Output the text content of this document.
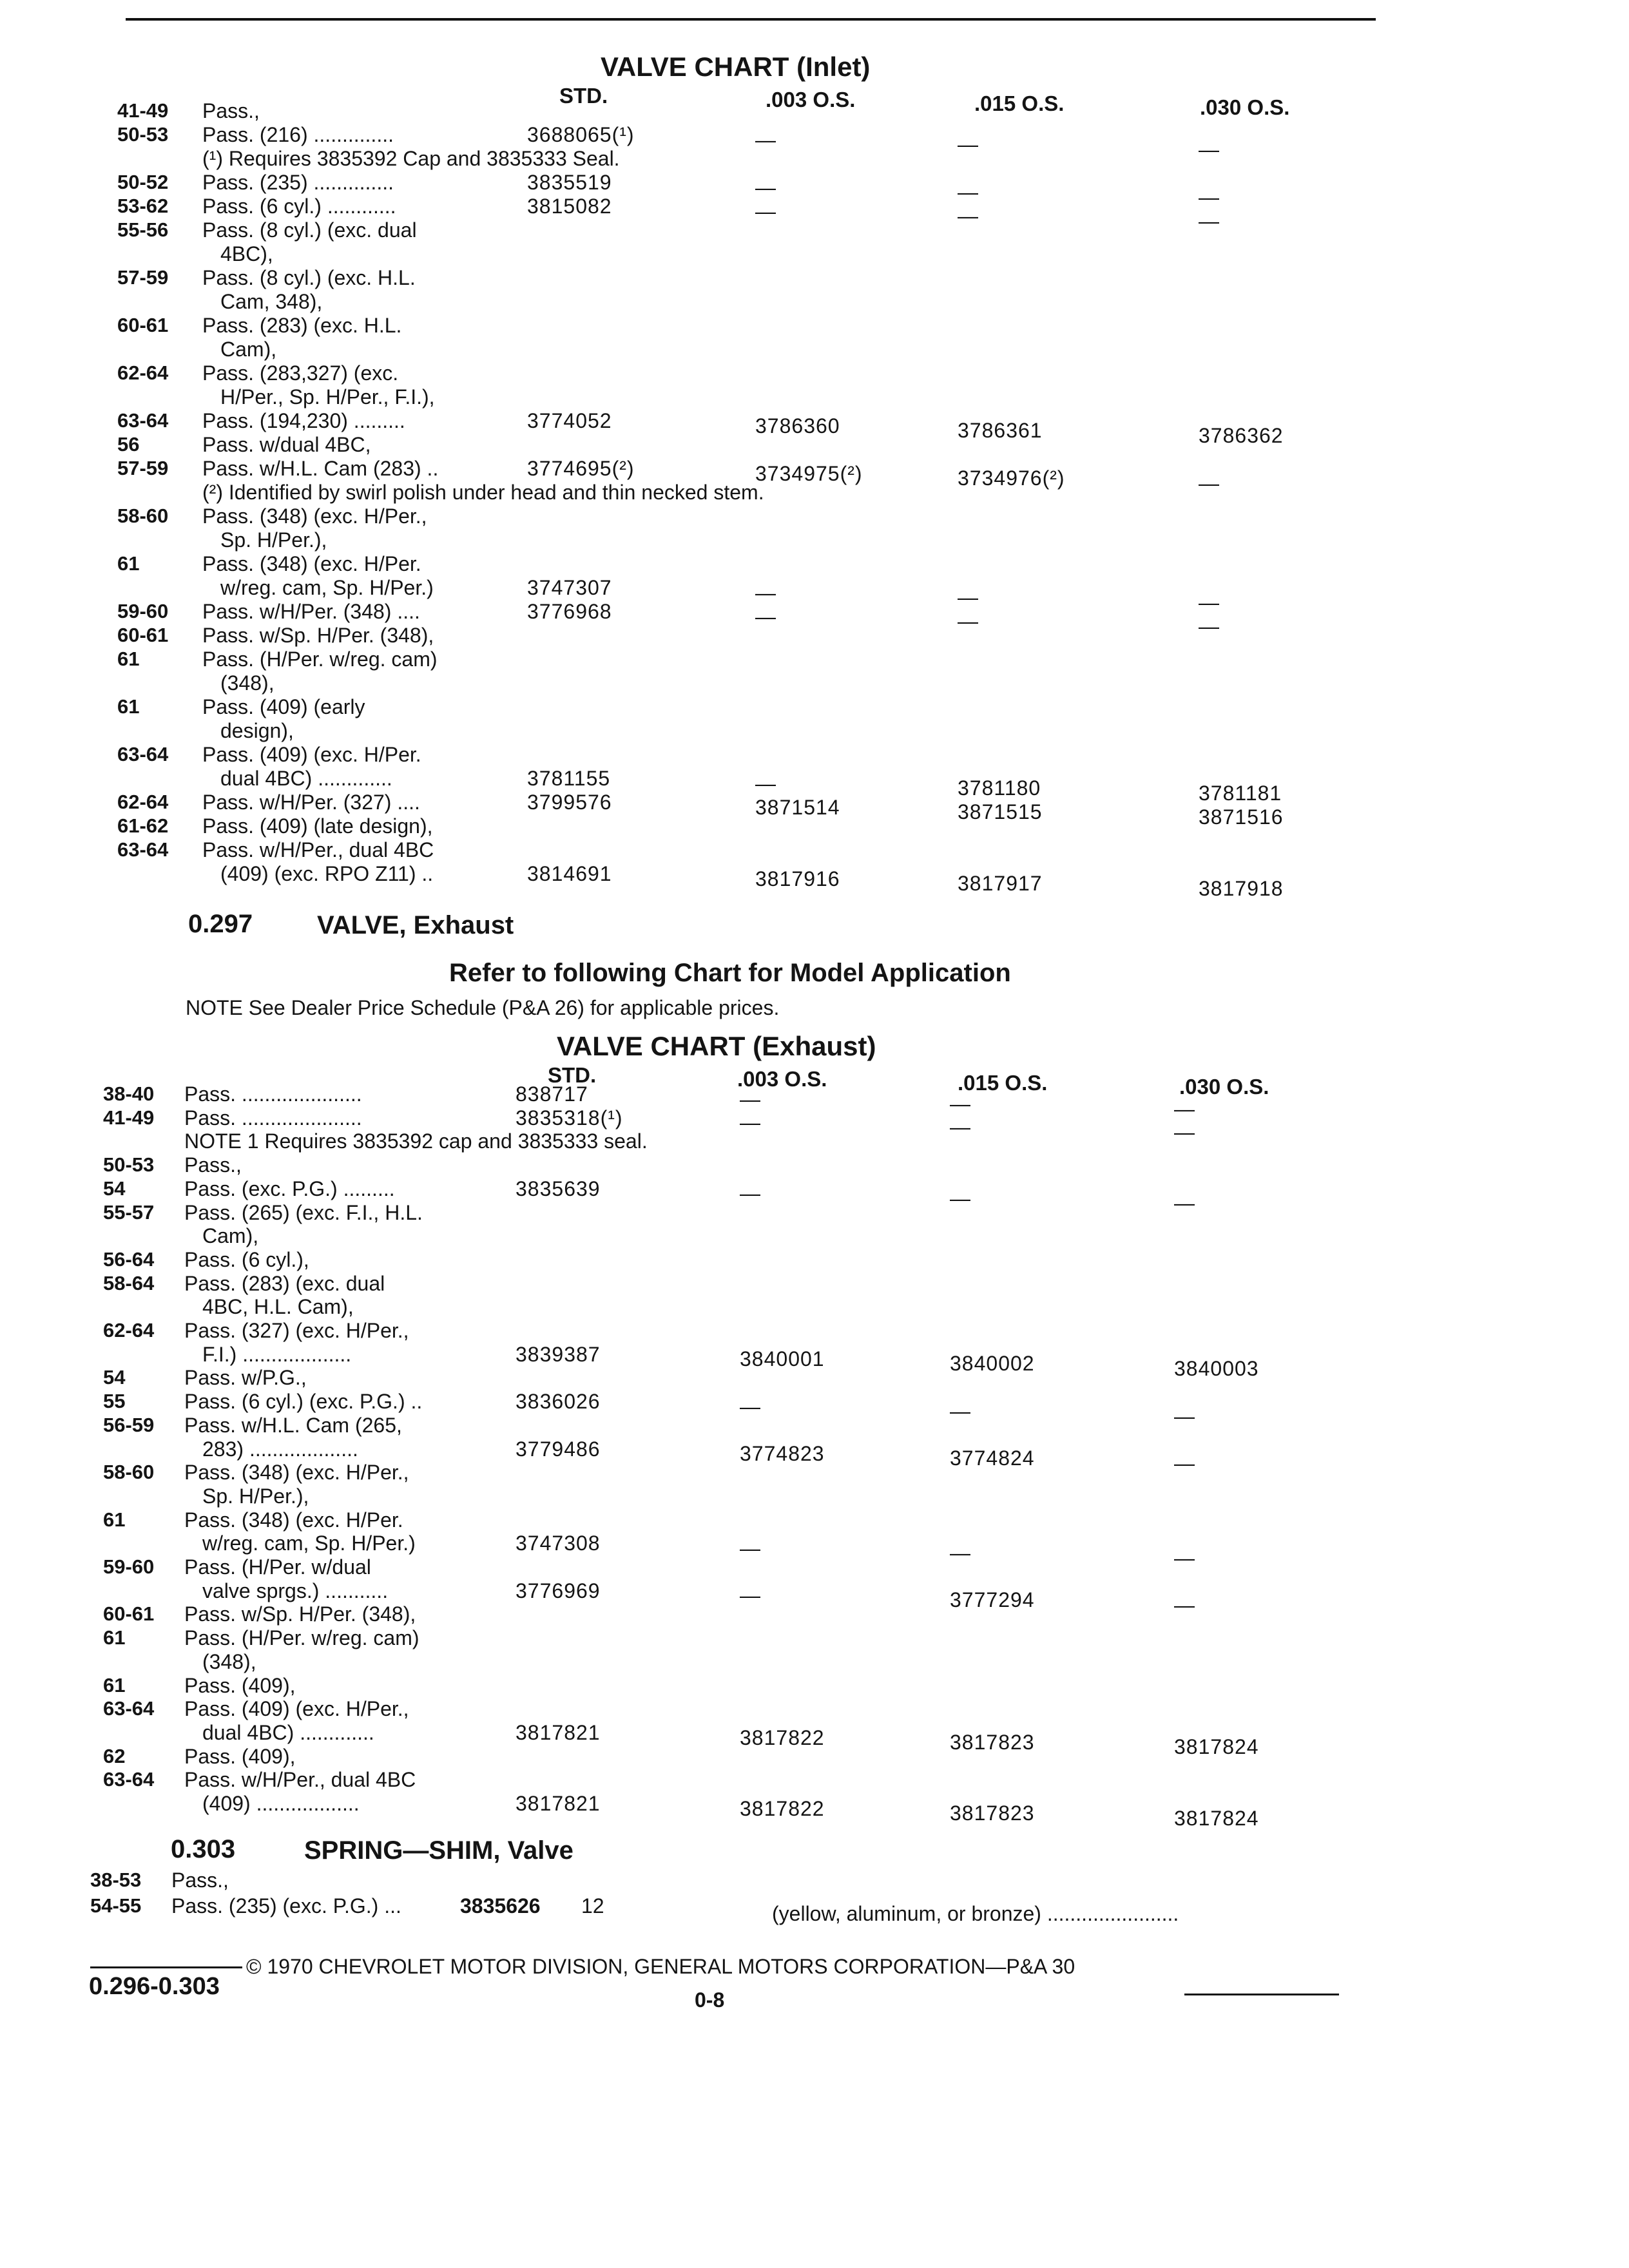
VALVE CHART (Inlet)
STD.	.003 O.S.	.015 O.S.	.030 O.S.
41-49 Pass.,
50-53 Pass. (216) ..............	3688065(¹)	—	—	—
(¹) Requires 3835392 Cap and 3835333 Seal.
50-52 Pass. (235) ..............	3835519	—	—	—
53-62 Pass. (6 cyl.) ............	3815082	—	—	—
55-56 Pass. (8 cyl.) (exc. dual
4BC),
57-59 Pass. (8 cyl.) (exc. H.L.
Cam, 348),
60-61 Pass. (283) (exc. H.L.
Cam),
62-64 Pass. (283,327) (exc.
H/Per., Sp. H/Per., F.I.),
63-64 Pass. (194,230) .........	3774052	3786360	3786361	3786362
56	Pass. w/dual 4BC,
57-59 Pass. w/H.L. Cam (283) ..	3774695(²)	3734975(²)	3734976(²)	—
(²) Identified by swirl polish under head and thin necked stem.
58-60 Pass. (348) (exc. H/Per.,
Sp. H/Per.),
61	Pass. (348) (exc. H/Per.
w/reg. cam, Sp. H/Per.)	3747307	—	—	—
59-60 Pass. w/H/Per. (348) ....	3776968	—	—	—
60-61 Pass. w/Sp. H/Per. (348),
61	Pass. (H/Per. w/reg. cam)
(348),
61	Pass. (409) (early
design),
63-64 Pass. (409) (exc. H/Per.
dual 4BC) .............	3781155	—	3781180	3781181
62-64 Pass. w/H/Per. (327) ....	3799576	3871514	3871515	3871516
61-62 Pass. (409) (late design),
63-64 Pass. w/H/Per., dual 4BC
(409) (exc. RPO Z11) ..	3814691	3817916	3817917	3817918
0.297 VALVE, Exhaust
Refer to following Chart for Model Application
NOTE See Dealer Price Schedule (P&A 26) for applicable prices.
VALVE CHART (Exhaust)
STD.	.003 O.S.	.015 O.S.	.030 O.S.
38-40 Pass. .....................	838717	—	—	—
41-49 Pass. .....................	3835318(¹)	—	—	—
NOTE 1 Requires 3835392 cap and 3835333 seal.
50-53 Pass.,
54	Pass. (exc. P.G.) .........	3835639	—	—	—
55-57 Pass. (265) (exc. F.I., H.L.
Cam),
56-64 Pass. (6 cyl.),
58-64 Pass. (283) (exc. dual
4BC, H.L. Cam),
62-64 Pass. (327) (exc. H/Per.,
F.I.) ...................	3839387	3840001	3840002	3840003
54	Pass. w/P.G.,
55	Pass. (6 cyl.) (exc. P.G.) ..	3836026	—	—	—
56-59 Pass. w/H.L. Cam (265,
283) ...................	3779486	3774823	3774824	—
58-60 Pass. (348) (exc. H/Per.,
Sp. H/Per.),
61	Pass. (348) (exc. H/Per.
w/reg. cam, Sp. H/Per.)	3747308	—	—	—
59-60 Pass. (H/Per. w/dual
valve sprgs.) ...........	3776969	—	3777294	—
60-61 Pass. w/Sp. H/Per. (348),
61	Pass. (H/Per. w/reg. cam)
(348),
61	Pass. (409),
63-64 Pass. (409) (exc. H/Per.,
dual 4BC) .............	3817821	3817822	3817823	3817824
62	Pass. (409),
63-64 Pass. w/H/Per., dual 4BC
(409) ..................	3817821	3817822	3817823	3817824
0.303	SPRING—SHIM, Valve
38-53 Pass.,
54-55 Pass. (235) (exc. P.G.) ...	3835626 12	(yellow, aluminum, or bronze) .......................
© 1970 CHEVROLET MOTOR DIVISION, GENERAL MOTORS CORPORATION—P&A 30
0.296-0.303	0-8
